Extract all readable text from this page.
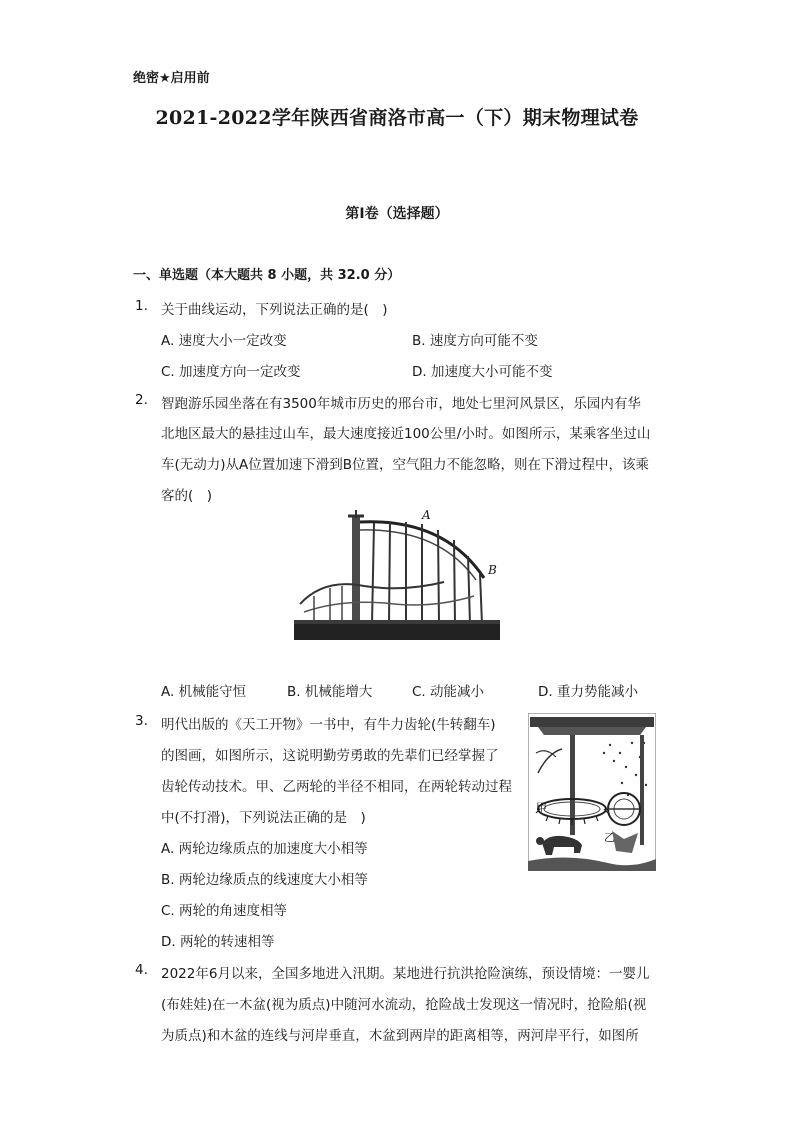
绝密★启用前
2021-2022学年陕西省商洛市高一（下）期末物理试卷
第I卷（选择题）
一、单选题（本大题共 8 小题，共 32.0 分）
1. 关于曲线运动，下列说法正确的是(　)
A. 速度大小一定改变	B. 速度方向可能不变
C. 加速度方向一定改变	D. 加速度大小可能不变
2. 智跑游乐园坐落在有3500年城市历史的邢台市，地处七里河风景区，乐园内有华
北地区最大的悬挂过山车，最大速度接近100公里/小时。如图所示，某乘客坐过山
车(无动力)从A位置加速下滑到B位置，空气阻力不能忽略，则在下滑过程中，该乘
客的(　)
A
B
A. 机械能守恒	B. 机械能增大	C. 动能减小	D. 重力势能减小
3. 明代出版的《天工开物》一书中，有牛力齿轮(牛转翻车)
的图画，如图所示，这说明勤劳勇敢的先辈们已经掌握了
齿轮传动技术。甲、乙两轮的半径不相同，在两轮转动过程
中(不打滑)，下列说法正确的是　)
A. 两轮边缘质点的加速度大小相等
B. 两轮边缘质点的线速度大小相等
C. 两轮的角速度相等
D. 两轮的转速相等
甲
乙
4. 2022年6月以来，全国多地进入汛期。某地进行抗洪抢险演练，预设情境：一婴儿
(布娃娃)在一木盆(视为质点)中随河水流动，抢险战士发现这一情况时，抢险船(视
为质点)和木盆的连线与河岸垂直，木盆到两岸的距离相等，两河岸平行，如图所
